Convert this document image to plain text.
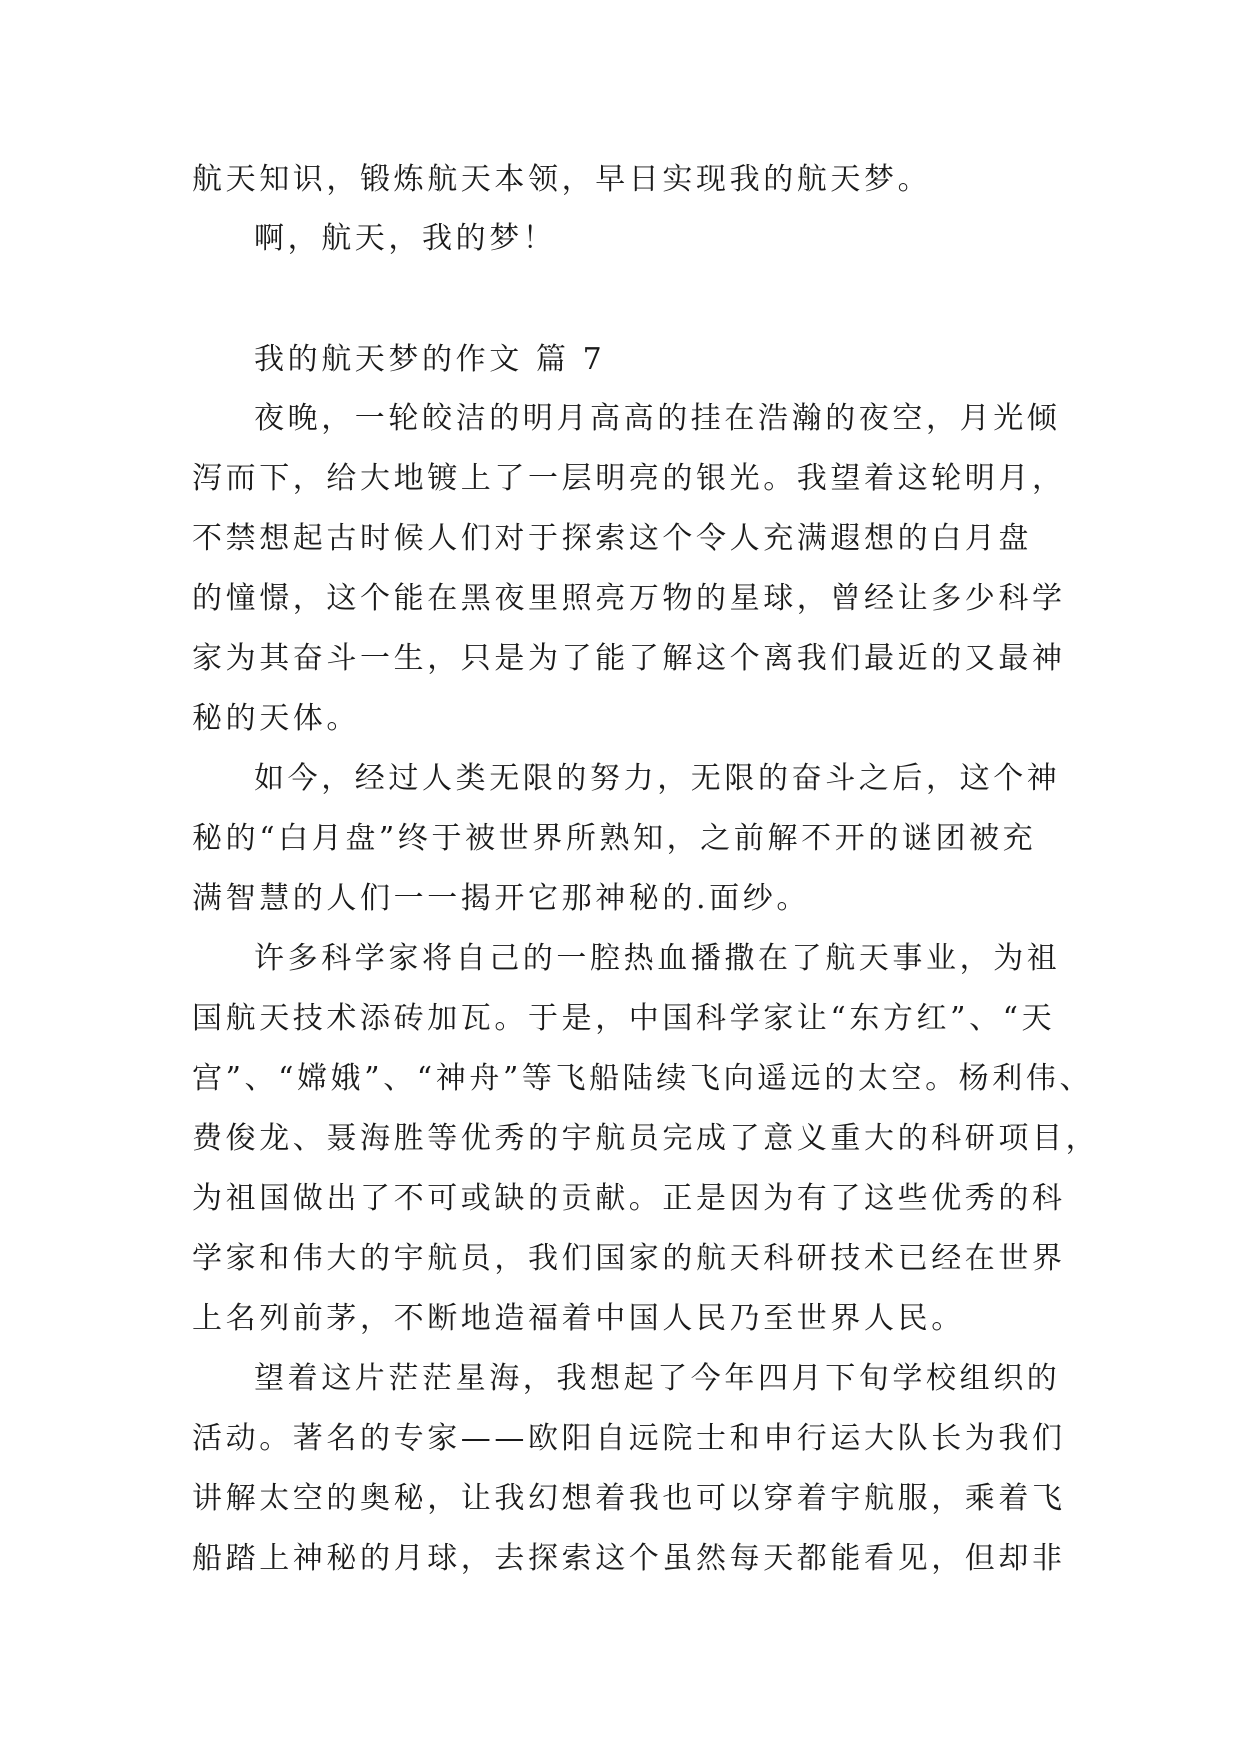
航天知识，锻炼航天本领，早日实现我的航天梦。
啊，航天，我的梦！
我的航天梦的作文 篇 7
夜晚，一轮皎洁的明月高高的挂在浩瀚的夜空，月光倾
泻而下，给大地镀上了一层明亮的银光。我望着这轮明月，
不禁想起古时候人们对于探索这个令人充满遐想的白月盘
的憧憬，这个能在黑夜里照亮万物的星球，曾经让多少科学
家为其奋斗一生，只是为了能了解这个离我们最近的又最神
秘的天体。
如今，经过人类无限的努力，无限的奋斗之后，这个神
秘的“白月盘”终于被世界所熟知，之前解不开的谜团被充
满智慧的人们一一揭开它那神秘的.面纱。
许多科学家将自己的一腔热血播撒在了航天事业，为祖
国航天技术添砖加瓦。于是，中国科学家让“东方红”、“天
宫”、“嫦娥”、“神舟”等飞船陆续飞向遥远的太空。杨利伟、
费俊龙、聂海胜等优秀的宇航员完成了意义重大的科研项目，
为祖国做出了不可或缺的贡献。正是因为有了这些优秀的科
学家和伟大的宇航员，我们国家的航天科研技术已经在世界
上名列前茅，不断地造福着中国人民乃至世界人民。
望着这片茫茫星海，我想起了今年四月下旬学校组织的
活动。著名的专家——欧阳自远院士和申行运大队长为我们
讲解太空的奥秘，让我幻想着我也可以穿着宇航服，乘着飞
船踏上神秘的月球，去探索这个虽然每天都能看见，但却非
